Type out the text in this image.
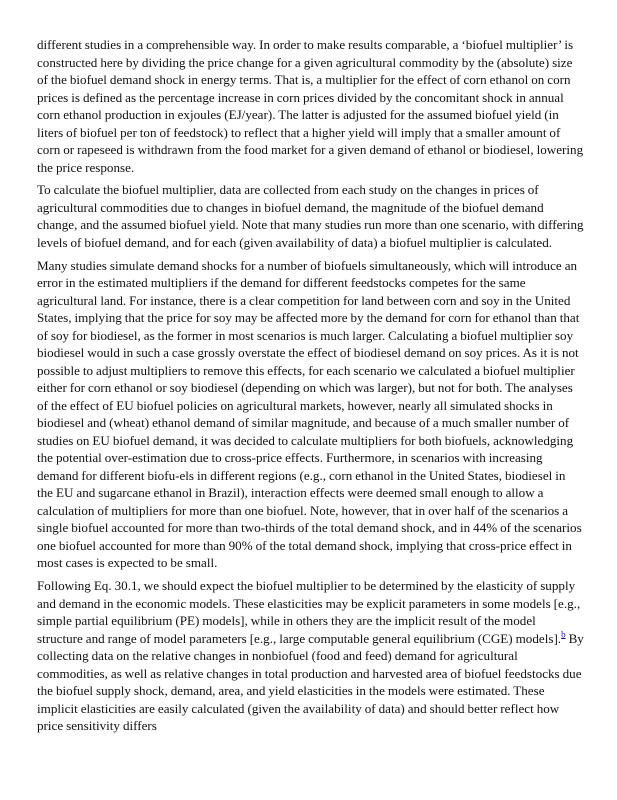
different studies in a comprehensible way. In order to make results comparable, a ‘biofuel multiplier’ is constructed here by dividing the price change for a given agricultural commodity by the (absolute) size of the biofuel demand shock in energy terms. That is, a multiplier for the effect of corn ethanol on corn prices is defined as the percentage increase in corn prices divided by the concomitant shock in annual corn ethanol production in exjoules (EJ/year). The latter is adjusted for the assumed biofuel yield (in liters of biofuel per ton of feedstock) to reflect that a higher yield will imply that a smaller amount of corn or rapeseed is withdrawn from the food market for a given demand of ethanol or biodiesel, lowering the price response.

To calculate the biofuel multiplier, data are collected from each study on the changes in prices of agricultural commodities due to changes in biofuel demand, the magnitude of the biofuel demand change, and the assumed biofuel yield. Note that many studies run more than one scenario, with differing levels of biofuel demand, and for each (given availability of data) a biofuel multiplier is calculated.

Many studies simulate demand shocks for a number of biofuels simultaneously, which will introduce an error in the estimated multipliers if the demand for different feedstocks competes for the same agricultural land. For instance, there is a clear competition for land between corn and soy in the United States, implying that the price for soy may be affected more by the demand for corn for ethanol than that of soy for biodiesel, as the former in most scenarios is much larger. Calculating a biofuel multiplier soy biodiesel would in such a case grossly overstate the effect of biodiesel demand on soy prices. As it is not possible to adjust multipliers to remove this effects, for each scenario we calculated a biofuel multiplier either for corn ethanol or soy biodiesel (depending on which was larger), but not for both. The analyses of the effect of EU biofuel policies on agricultural markets, however, nearly all simulated shocks in biodiesel and (wheat) ethanol demand of similar magnitude, and because of a much smaller number of studies on EU biofuel demand, it was decided to calculate multipliers for both biofuels, acknowledging the potential over-estimation due to cross-price effects. Furthermore, in scenarios with increasing demand for different biofu-els in different regions (e.g., corn ethanol in the United States, biodiesel in the EU and sugarcane ethanol in Brazil), interaction effects were deemed small enough to allow a calculation of multipliers for more than one biofuel. Note, however, that in over half of the scenarios a single biofuel accounted for more than two-thirds of the total demand shock, and in 44% of the scenarios one biofuel accounted for more than 90% of the total demand shock, implying that cross-price effect in most cases is expected to be small.

Following Eq. 30.1, we should expect the biofuel multiplier to be determined by the elasticity of supply and demand in the economic models. These elasticities may be explicit parameters in some models [e.g., simple partial equilibrium (PE) models], while in others they are the implicit result of the model structure and range of model parameters [e.g., large computable general equilibrium (CGE) models].$^b$ By collecting data on the relative changes in nonbiofuel (food and feed) demand for agricultural commodities, as well as relative changes in total production and harvested area of biofuel feedstocks due the biofuel supply shock, demand, area, and yield elasticities in the models were estimated. These implicit elasticities are easily calculated (given the availability of data) and should better reflect how price sensitivity differs
